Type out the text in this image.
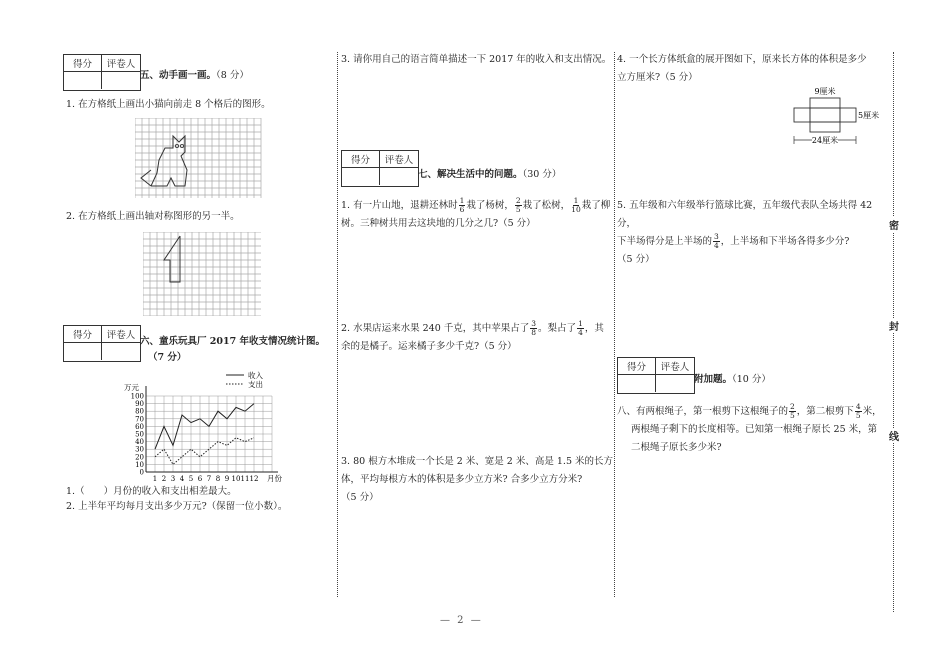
得分	评卷人
五、动手画一画。（8 分）
1. 在方格纸上画出小猫向前走 8 个格后的图形。
2. 在方格纸上画出轴对称图形的另一半。
得分	评卷人
六、童乐玩具厂 2017 年收支情况统计图。
（7 分）
100
90
80
70
60
50
40
30
20
10
0
1 2 3 4 5 6 7 8 9 10 11 12 月份
万元
收入
支出
1.（　　）月份的收入和支出相差最大。
2. 上半年平均每月支出多少万元?（保留一位小数）。
3. 请你用自己的语言简单描述一下 2017 年的收入和支出情况。
得分	评卷人
七、解决生活中的问题。（30 分）
1. 有一片山地，退耕还林时 $\frac{1}{6}$ 栽了杨树， $\frac{2}{5}$ 栽了松树， $\frac{1}{10}$ 栽了柳
树。三种树共用去这块地的几分之几?（5 分）
2. 水果店运来水果 240 千克，其中苹果占了 $\frac{3}{8}$ 。梨占了 $\frac{1}{4}$ ，其
余的是橘子。运来橘子多少千克?（5 分）
3. 80 根方木堆成一个长是 2 米、宽是 2 米、高是 1.5 米的长方
体，平均每根方木的体积是多少立方米? 合多少立方分米?
（5 分）
4. 一个长方体纸盒的展开图如下，原来长方体的体积是多少
立方厘米?（5 分）
9厘米
5厘米
24厘米
5. 五年级和六年级举行篮球比赛，五年级代表队全场共得 42 分，
下半场得分是上半场的 $\frac{3}{4}$ ，上半场和下半场各得多少分?
（5 分）
得分	评卷人
附加题。（10 分）
八、有两根绳子，第一根剪下这根绳子的 $\frac{2}{5}$ ，第二根剪下 $\frac{4}{5}$ 米，
两根绳子剩下的长度相等。已知第一根绳子原长 25 米，第
二根绳子原长多少米?
密
封
线
— 2 —
